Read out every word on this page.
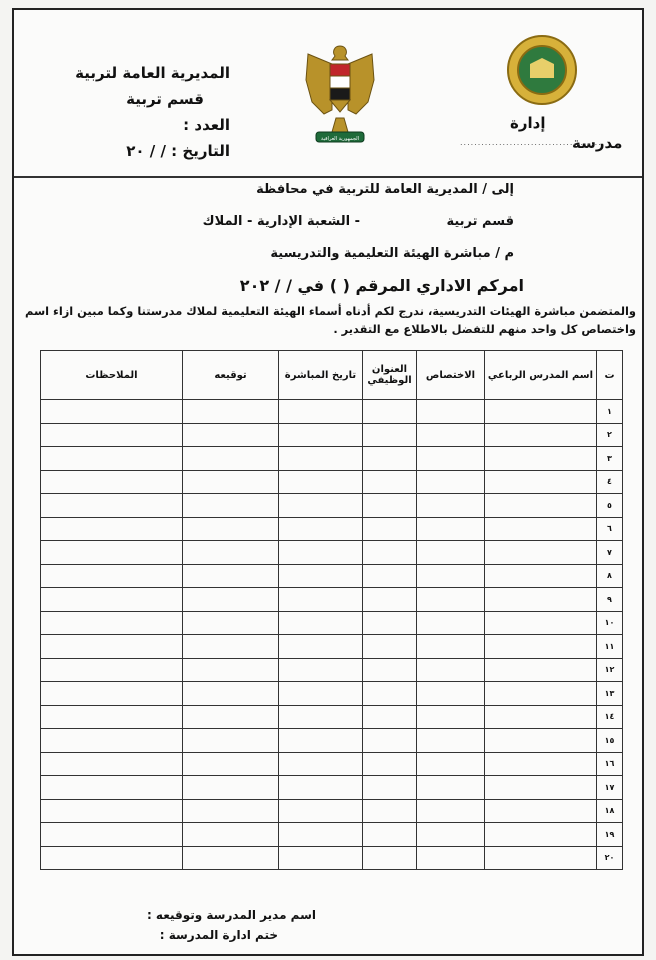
المديرية العامة لتربية
قسم تربية
العدد :
التاريخ : / / ٢٠
الجمهورية العراقية
إدارة
مدرسة
........................................
إلى / المديرية العامة للتربية في محافظة
قسم تربية
- الشعبة الإدارية - الملاك
م / مباشرة الهيئة التعليمية والتدريسية
امركم الاداري المرقم ( ) في / / ٢٠٢
والمتضمن مباشرة الهيئات التدريسية، ندرج لكم أدناه أسماء الهيئة التعليمية لملاك مدرستنا وكما مبين ازاء اسم
واختصاص كل واحد منهم للتفضل بالاطلاع مع التقدير .
ت	اسم المدرس الرباعي	الاختصاص	العنوان الوظيفي	تاريخ المباشرة	توقيعه	الملاحظات
١						
٢						
٣						
٤						
٥						
٦						
٧						
٨						
٩						
١٠						
١١						
١٢						
١٣						
١٤						
١٥						
١٦						
١٧						
١٨						
١٩						
٢٠						
اسم مدير المدرسة وتوقيعه :
ختم ادارة المدرسة :
